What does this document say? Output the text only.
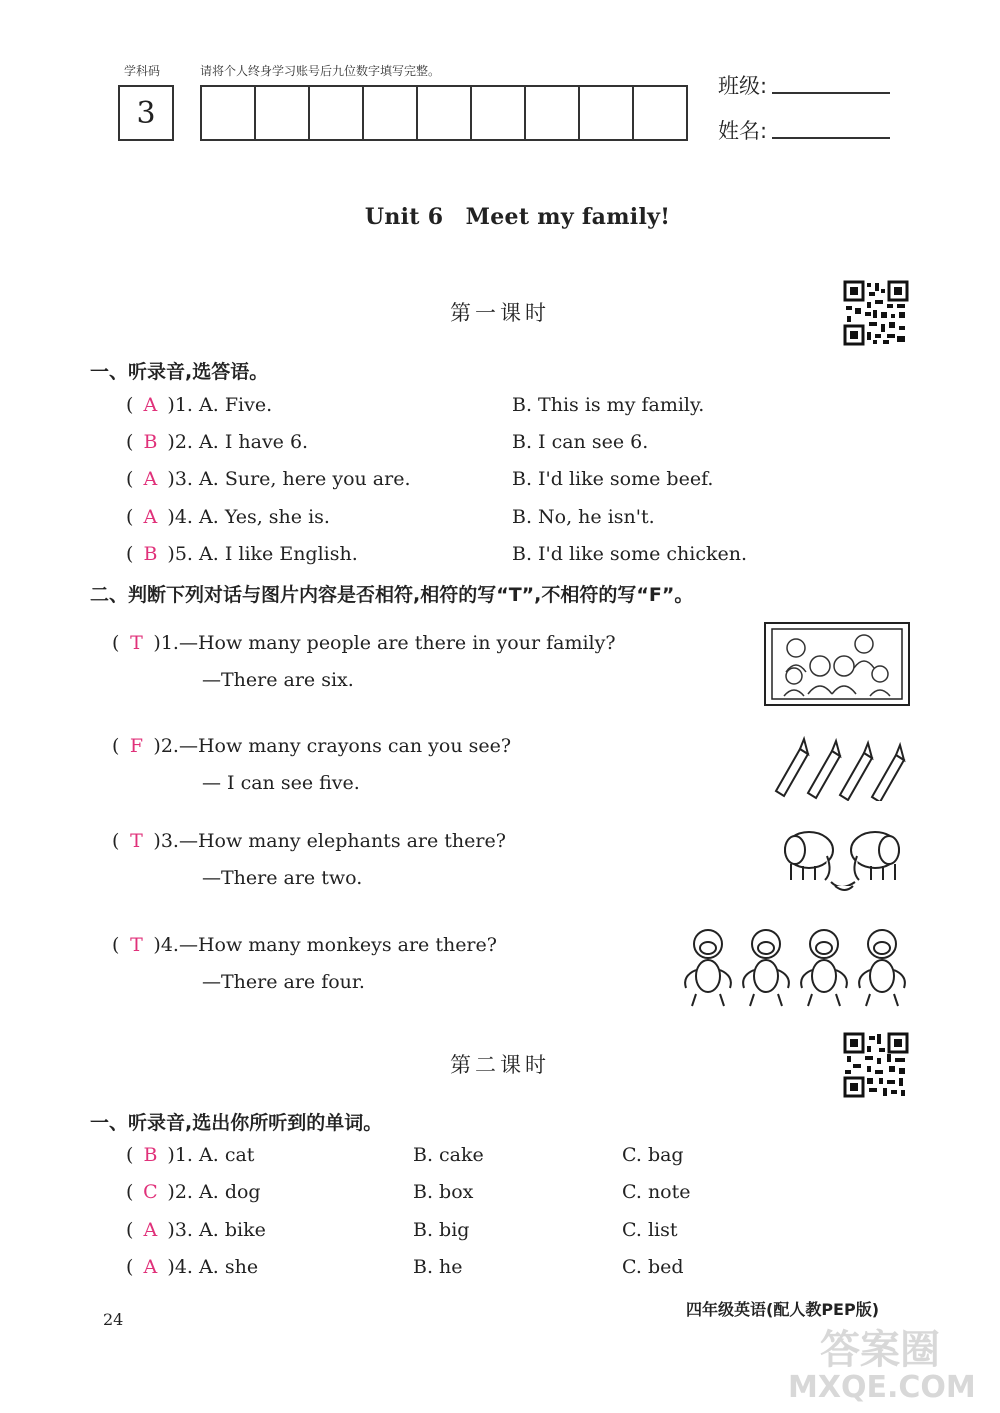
学科码	请将个人终身学习账号后九位数字填写完整。
3
班级:
姓名:
Unit 6　Meet my family!
第一课时
一、听录音,选答语。
( A )1. A. Five.	B. This is my family.
( B )2. A. I have 6.	B. I can see 6.
( A )3. A. Sure, here you are.	B. I'd like some beef.
( A )4. A. Yes, she is.	B. No, he isn't.
( B )5. A. I like English.	B. I'd like some chicken.
二、判断下列对话与图片内容是否相符,相符的写“T”,不相符的写“F”。
( T )1.—How many people are there in your family?
—There are six.
( F )2.—How many crayons can you see?
— I can see five.
( T )3.—How many elephants are there?
—There are two.
( T )4.—How many monkeys are there?
—There are four.
第二课时
一、听录音,选出你所听到的单词。
( B )1. A. cat	B. cake	C. bag
( C )2. A. dog	B. box	C. note
( A )3. A. bike	B. big	C. list
( A )4. A. she	B. he	C. bed
24
四年级英语(配人教PEP版)
答案圈
MXQE.COM
